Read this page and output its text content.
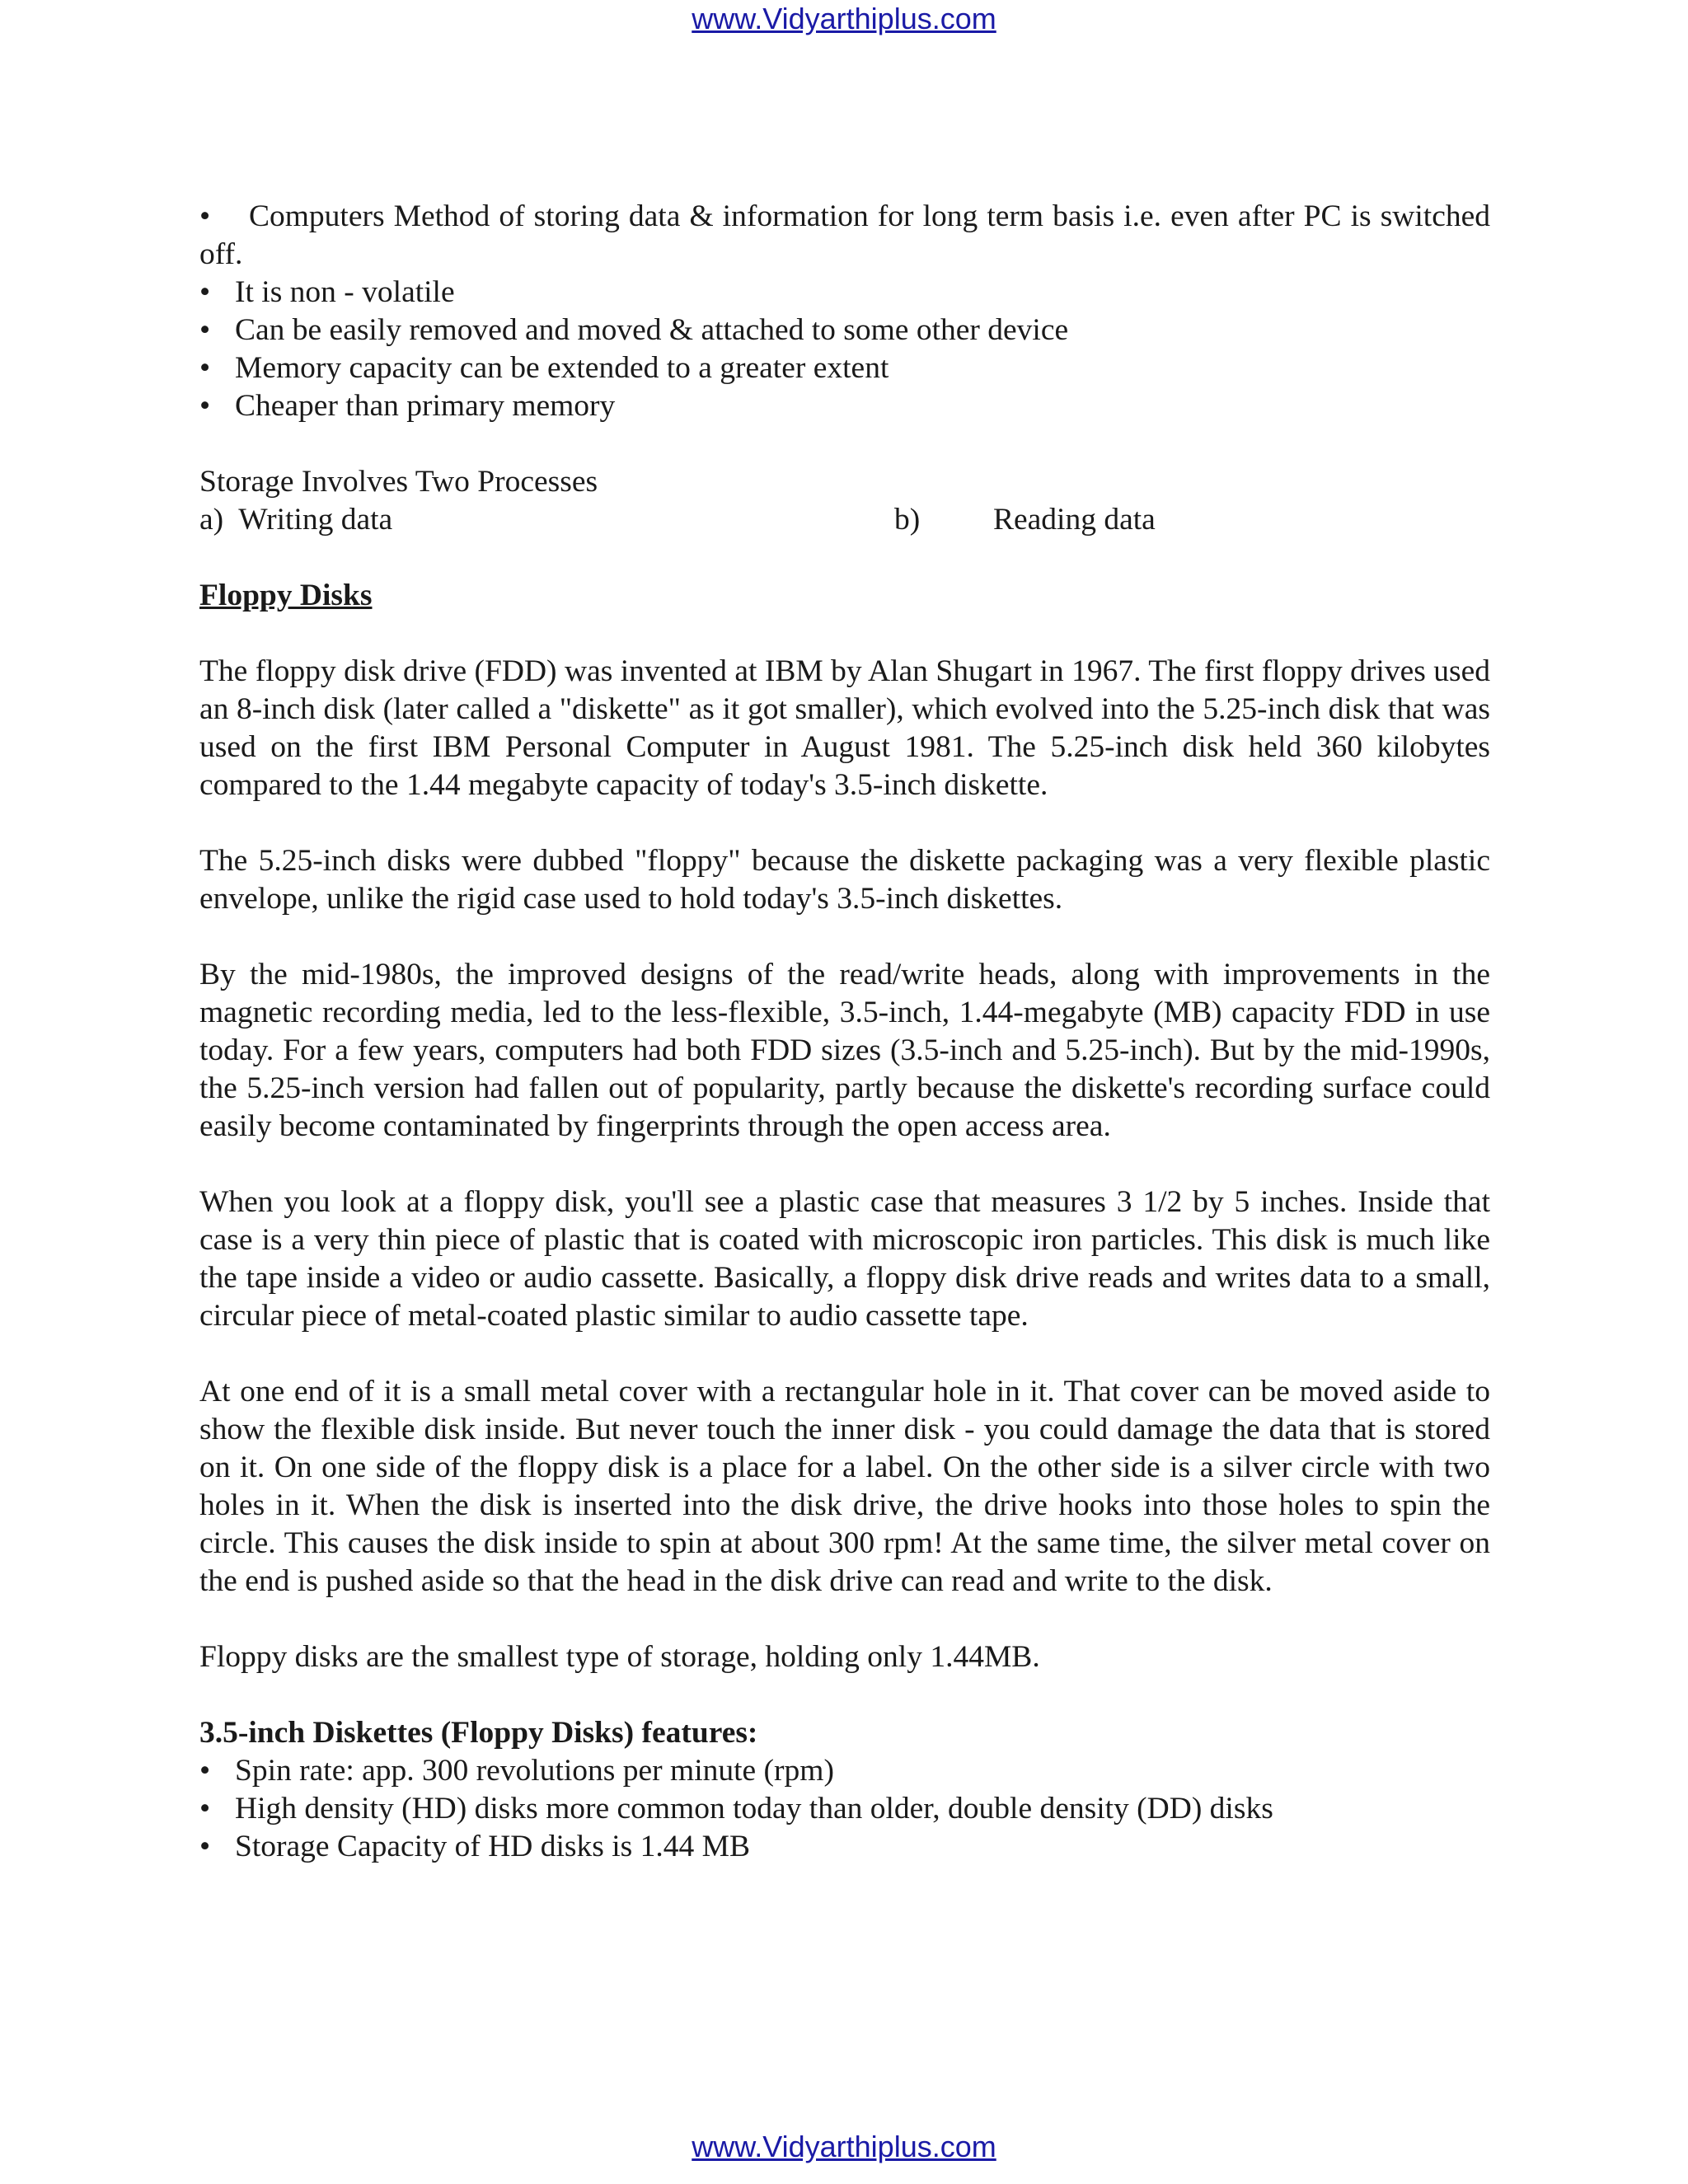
www.Vidyarthiplus.com
• Computers Method of storing data & information for long term basis i.e. even after PC is switched off.
• It is non - volatile
• Can be easily removed and moved & attached to some other device
• Memory capacity can be extended to a greater extent
• Cheaper than primary memory
Storage Involves Two Processes
a) Writing data	b) Reading data
Floppy Disks

The floppy disk drive (FDD) was invented at IBM by Alan Shugart in 1967. The first floppy drives used an 8-inch disk (later called a "diskette" as it got smaller), which evolved into the 5.25-inch disk that was used on the first IBM Personal Computer in August 1981. The 5.25-inch disk held 360 kilobytes compared to the 1.44 megabyte capacity of today's 3.5-inch diskette.

The 5.25-inch disks were dubbed "floppy" because the diskette packaging was a very flexible plastic envelope, unlike the rigid case used to hold today's 3.5-inch diskettes.

By the mid-1980s, the improved designs of the read/write heads, along with improvements in the magnetic recording media, led to the less-flexible, 3.5-inch, 1.44-megabyte (MB) capacity FDD in use today. For a few years, computers had both FDD sizes (3.5-inch and 5.25-inch). But by the mid-1990s, the 5.25-inch version had fallen out of popularity, partly because the diskette's recording surface could easily become contaminated by fingerprints through the open access area.

When you look at a floppy disk, you'll see a plastic case that measures 3 1/2 by 5 inches. Inside that case is a very thin piece of plastic that is coated with microscopic iron particles. This disk is much like the tape inside a video or audio cassette. Basically, a floppy disk drive reads and writes data to a small, circular piece of metal-coated plastic similar to audio cassette tape.

At one end of it is a small metal cover with a rectangular hole in it. That cover can be moved aside to show the flexible disk inside. But never touch the inner disk - you could damage the data that is stored on it. On one side of the floppy disk is a place for a label. On the other side is a silver circle with two holes in it. When the disk is inserted into the disk drive, the drive hooks into those holes to spin the circle. This causes the disk inside to spin at about 300 rpm! At the same time, the silver metal cover on the end is pushed aside so that the head in the disk drive can read and write to the disk.

Floppy disks are the smallest type of storage, holding only 1.44MB.

3.5-inch Diskettes (Floppy Disks) features:
• Spin rate: app. 300 revolutions per minute (rpm)
• High density (HD) disks more common today than older, double density (DD) disks
• Storage Capacity of HD disks is 1.44 MB
www.Vidyarthiplus.com
